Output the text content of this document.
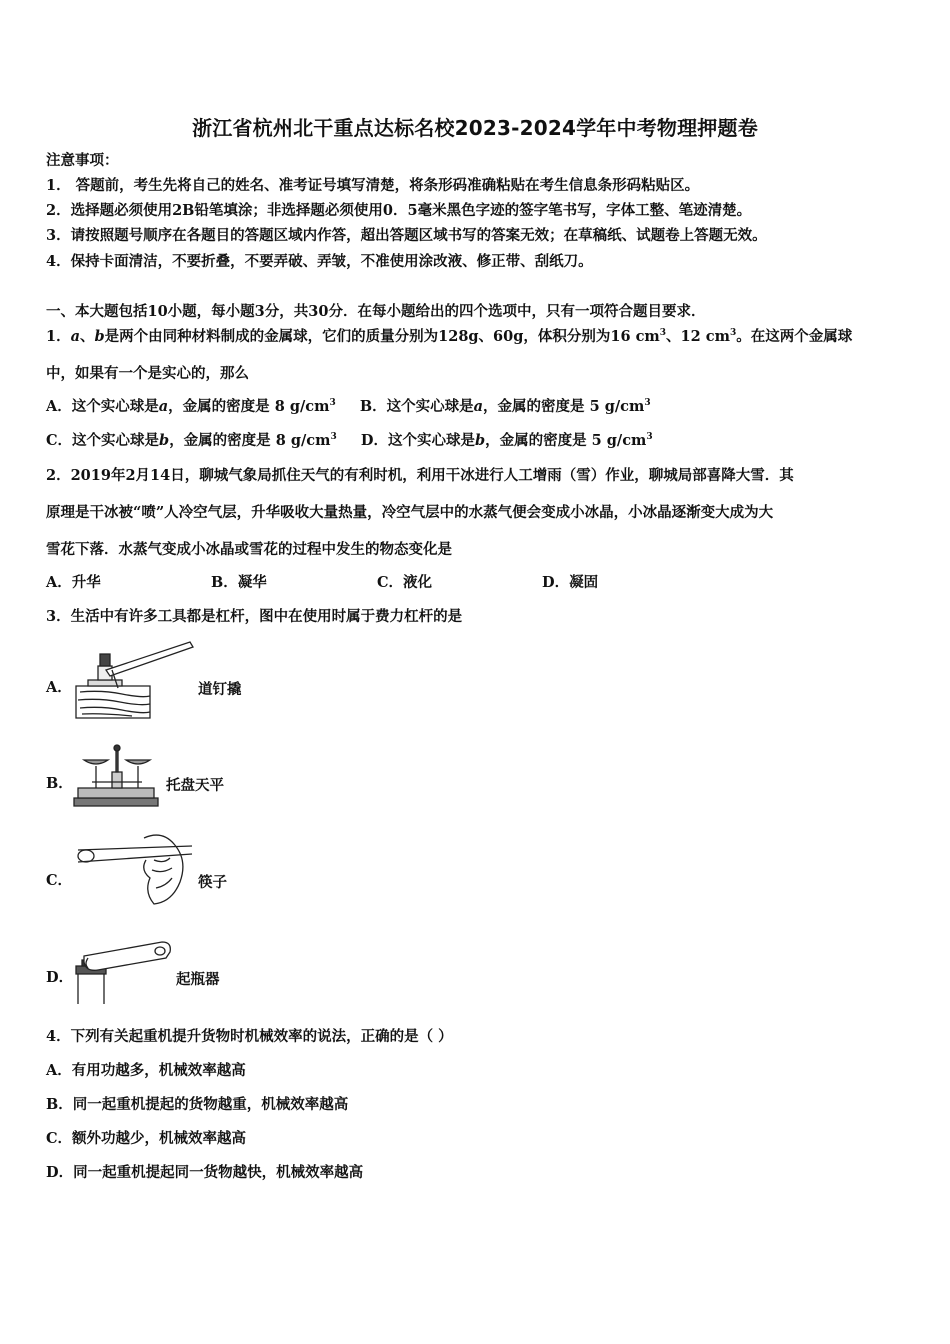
浙江省杭州北干重点达标名校2023-2024学年中考物理押题卷
注意事项：
1． 答题前，考生先将自己的姓名、准考证号填写清楚，将条形码准确粘贴在考生信息条形码粘贴区。
2．选择题必须使用2B铅笔填涂；非选择题必须使用0．5毫米黑色字迹的签字笔书写，字体工整、笔迹清楚。
3．请按照题号顺序在各题目的答题区域内作答，超出答题区域书写的答案无效；在草稿纸、试题卷上答题无效。
4．保持卡面清洁，不要折叠，不要弄破、弄皱，不准使用涂改液、修正带、刮纸刀。
一、本大题包括10小题，每小题3分，共30分．在每小题给出的四个选项中，只有一项符合题目要求．
1．a、b是两个由同种材料制成的金属球，它们的质量分别为128g、60g，体积分别为16 $cm^3$、12 $cm^3$。在这两个金属球
中，如果有一个是实心的，那么
A．这个实心球是a，金属的密度是 8 $g/cm^3$ B．这个实心球是a，金属的密度是 5 $g/cm^3$
C．这个实心球是b，金属的密度是 8 $g/cm^3$ D．这个实心球是b，金属的密度是 5 $g/cm^3$
2．2019年2月14日，聊城气象局抓住天气的有利时机，利用干冰进行人工增雨（雪）作业，聊城局部喜降大雪．其
原理是干冰被“喷”人冷空气层，升华吸收大量热量，冷空气层中的水蒸气便会变成小冰晶，小冰晶逐渐变大成为大
雪花下落．水蒸气变成小冰晶或雪花的过程中发生的物态变化是
A．升华	B．凝华	C．液化	D．凝固
3．生活中有许多工具都是杠杆，图中在使用时属于费力杠杆的是
A．	道钉撬
B．	托盘天平
C．	筷子
D．	起瓶器
4．下列有关起重机提升货物时机械效率的说法，正确的是（ ）
A．有用功越多，机械效率越高
B．同一起重机提起的货物越重，机械效率越高
C．额外功越少，机械效率越高
D．同一起重机提起同一货物越快，机械效率越高
